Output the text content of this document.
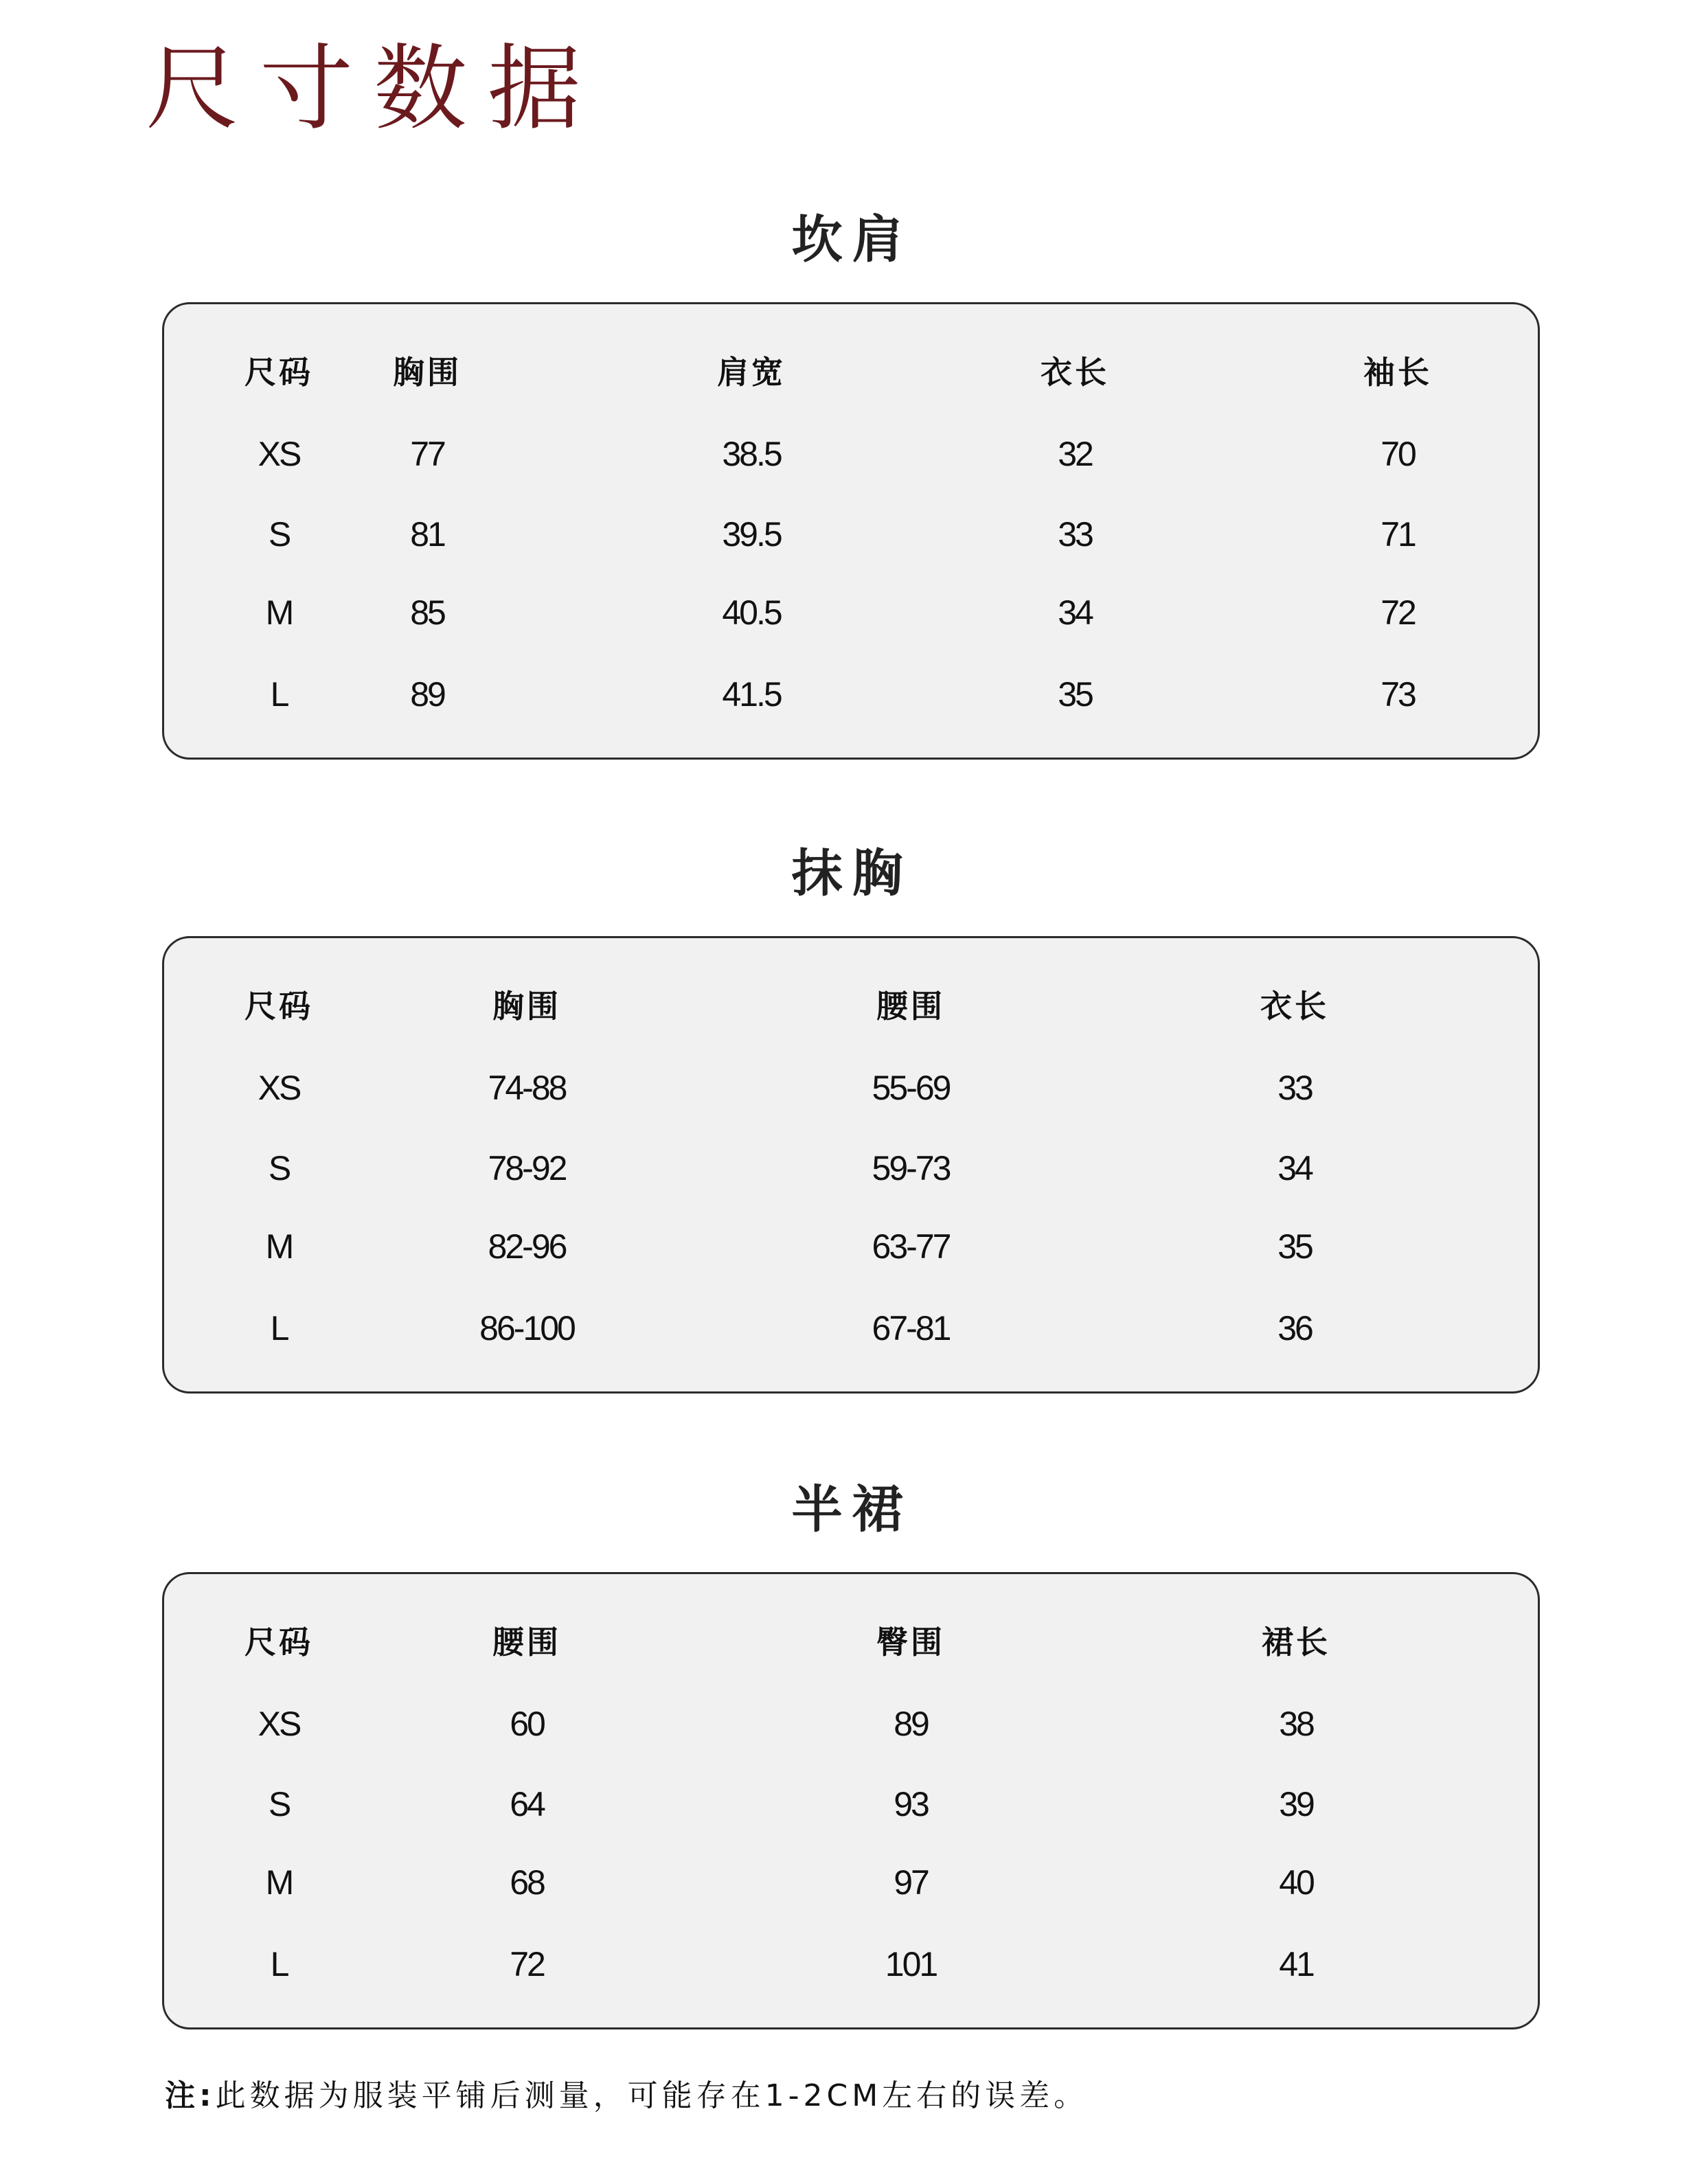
尺寸数据
坎肩
尺码	胸围	肩宽	衣长	袖长
XS	77	38.5	32	70
S	81	39.5	33	71
M	85	40.5	34	72
L	89	41.5	35	73
抹胸
尺码	胸围	腰围	衣长
XS	74-88	55-69	33
S	78-92	59-73	34
M	82-96	63-77	35
L	86-100	67-81	36
半裙
尺码	腰围	臀围	裙长
XS	60	89	38
S	64	93	39
M	68	97	40
L	72	101	41
注:此数据为服装平铺后测量，可能存在1-2CM左右的误差。
